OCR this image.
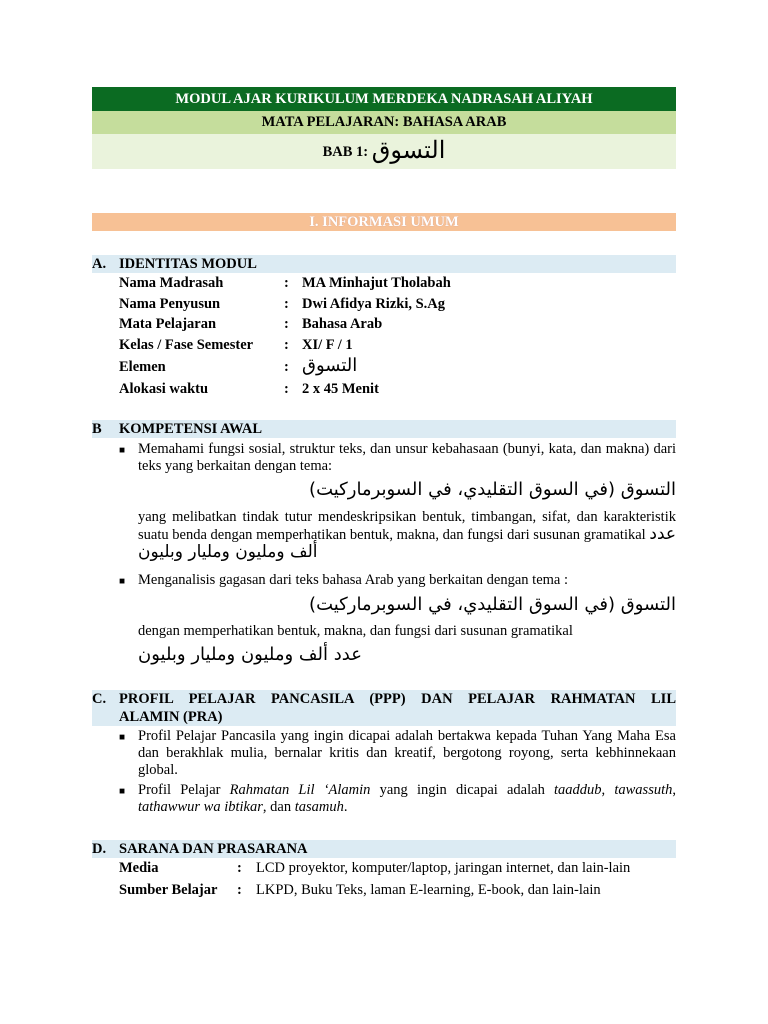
MODUL AJAR KURIKULUM MERDEKA NADRASAH ALIYAH
MATA PELAJARAN: BAHASA ARAB
BAB 1: التسوق
I. INFORMASI UMUM
A. IDENTITAS MODUL
Nama Madrasah	: MA Minhajut Tholabah
Nama Penyusun	: Dwi Afidya Rizki, S.Ag
Mata Pelajaran	: Bahasa Arab
Kelas / Fase Semester	: XI/ F / 1
Elemen	: التسوق
Alokasi waktu	: 2 x 45 Menit
B KOMPETENSI AWAL
■ Memahami fungsi sosial, struktur teks, dan unsur kebahasaan (bunyi, kata, dan makna) dari teks yang berkaitan dengan tema:
التسوق (في السوق التقليدي، في السوبرماركيت)
yang melibatkan tindak tutur mendeskripsikan bentuk, timbangan, sifat, dan karakteristik suatu benda dengan memperhatikan bentuk, makna, dan fungsi dari susunan gramatikal عدد ألف ومليون ومليار وبليون
■ Menganalisis gagasan dari teks bahasa Arab yang berkaitan dengan tema :
التسوق (في السوق التقليدي، في السوبرماركيت)
dengan memperhatikan bentuk, makna, dan fungsi dari susunan gramatikal
عدد ألف ومليون ومليار وبليون
C. PROFIL PELAJAR PANCASILA (PPP) DAN PELAJAR RAHMATAN LIL
ALAMIN (PRA)
■ Profil Pelajar Pancasila yang ingin dicapai adalah bertakwa kepada Tuhan Yang Maha Esa dan berakhlak mulia, bernalar kritis dan kreatif, bergotong royong, serta kebhinnekaan global.
■ Profil Pelajar Rahmatan Lil ‘Alamin yang ingin dicapai adalah taaddub, tawassuth, tathawwur wa ibtikar, dan tasamuh.
D. SARANA DAN PRASARANA
Media	: LCD proyektor, komputer/laptop, jaringan internet, dan lain-lain
Sumber Belajar : LKPD, Buku Teks, laman E-learning, E-book, dan lain-lain
